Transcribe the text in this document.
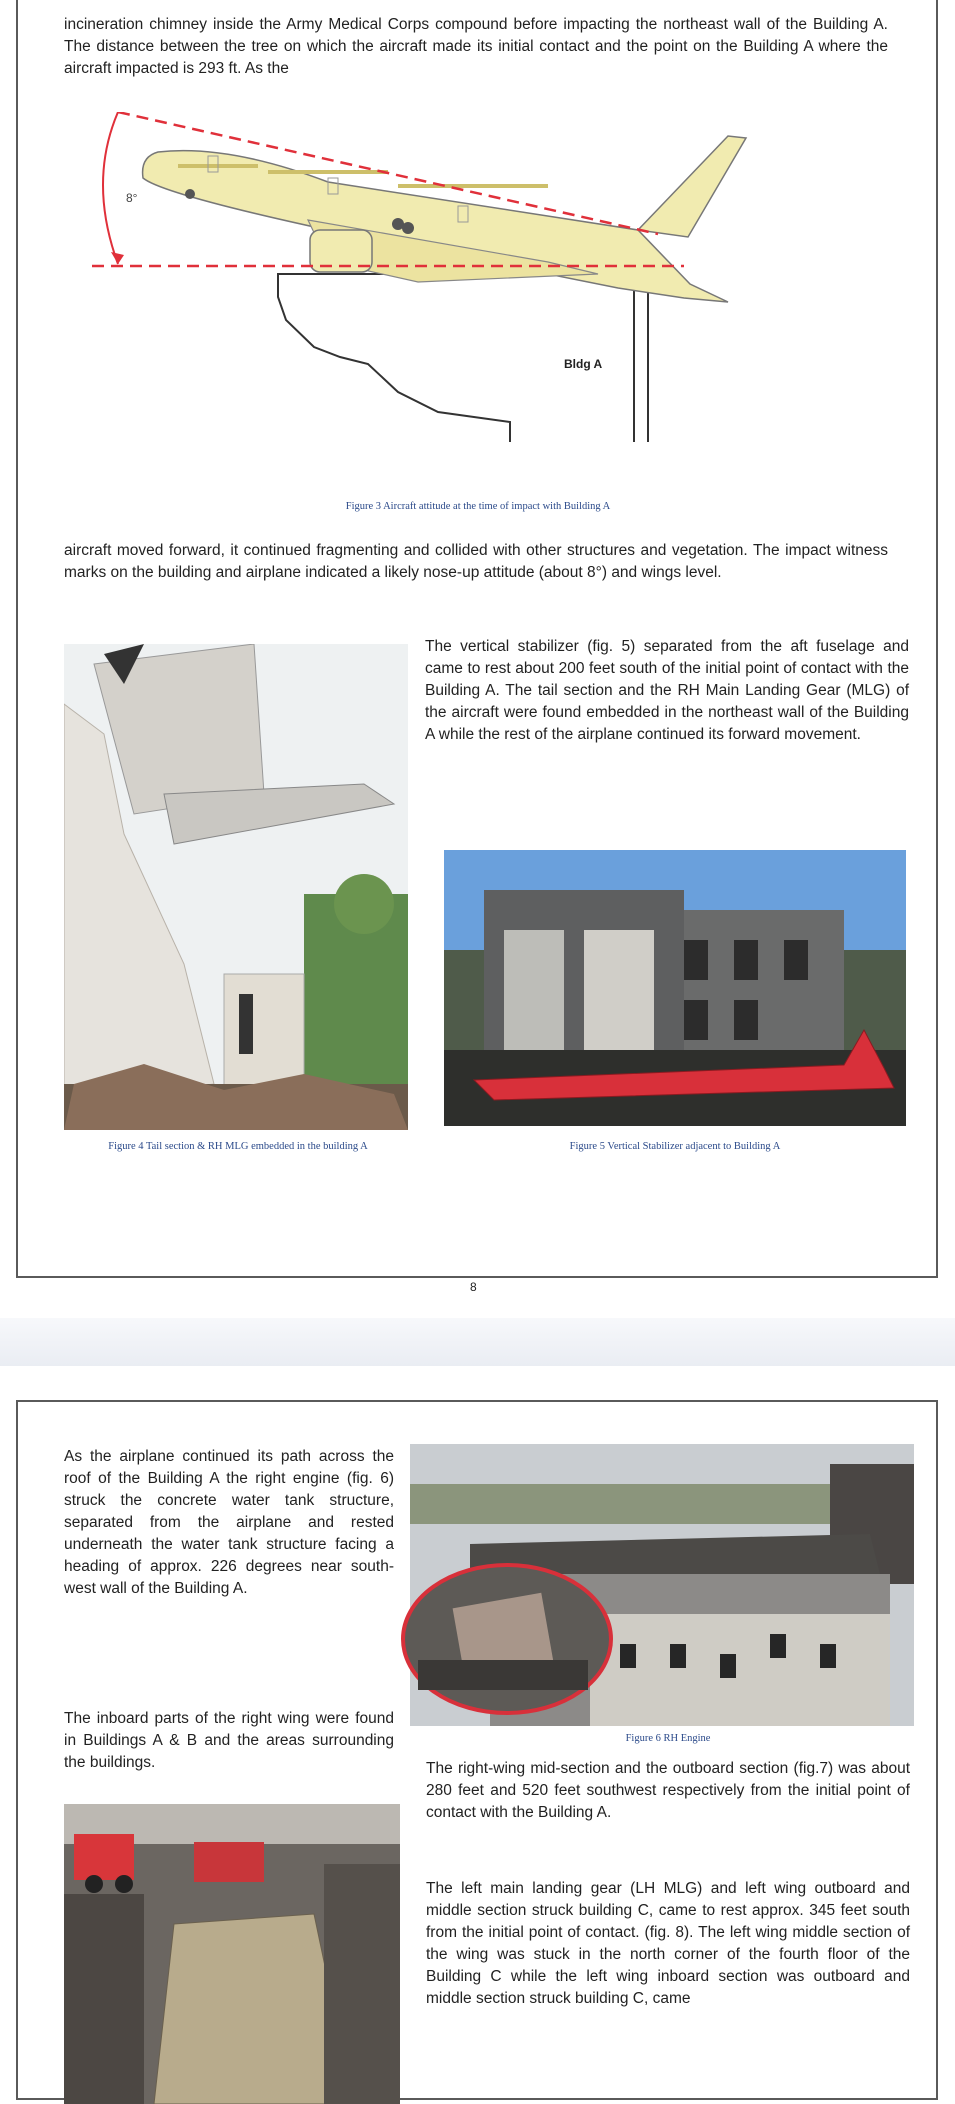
incineration chimney inside the Army Medical Corps compound before impacting the northeast wall of the Building A. The distance between the tree on which the aircraft made its initial contact and the point on the Building A where the aircraft impacted is 293 ft. As the

8°
Bldg A
Figure 3 Aircraft attitude at the time of impact with Building A

aircraft moved forward, it continued fragmenting and collided with other structures and vegetation. The impact witness marks on the building and airplane indicated a likely nose-up attitude (about 8°) and wings level.

Figure 4 Tail section & RH MLG embedded in the building A

The vertical stabilizer (fig. 5) separated from the aft fuselage and came to rest about 200 feet south of the initial point of contact with the Building A. The tail section and the RH Main Landing Gear (MLG) of the aircraft were found embedded in the northeast wall of the Building A while the rest of the airplane continued its forward movement.

Figure 5 Vertical Stabilizer adjacent to Building A
8

As the airplane continued its path across the roof of the Building A the right engine (fig. 6) struck the concrete water tank structure, separated from the airplane and rested underneath the water tank structure facing a heading of approx. 226 degrees near south-west wall of the Building A.

Figure 6 RH Engine

The inboard parts of the right wing were found in Buildings A & B and the areas surrounding the buildings.	The right-wing mid-section and the outboard section (fig.7) was about 280 feet and 520 feet southwest respectively from the initial point of contact with the Building A.

The left main landing gear (LH MLG) and left wing outboard and middle section struck building C, came to rest approx. 345 feet south from the initial point of contact. (fig. 8). The left wing middle section of the wing was stuck in the north corner of the fourth floor of the Building C while the left wing inboard section was outboard and middle section struck building C, came
